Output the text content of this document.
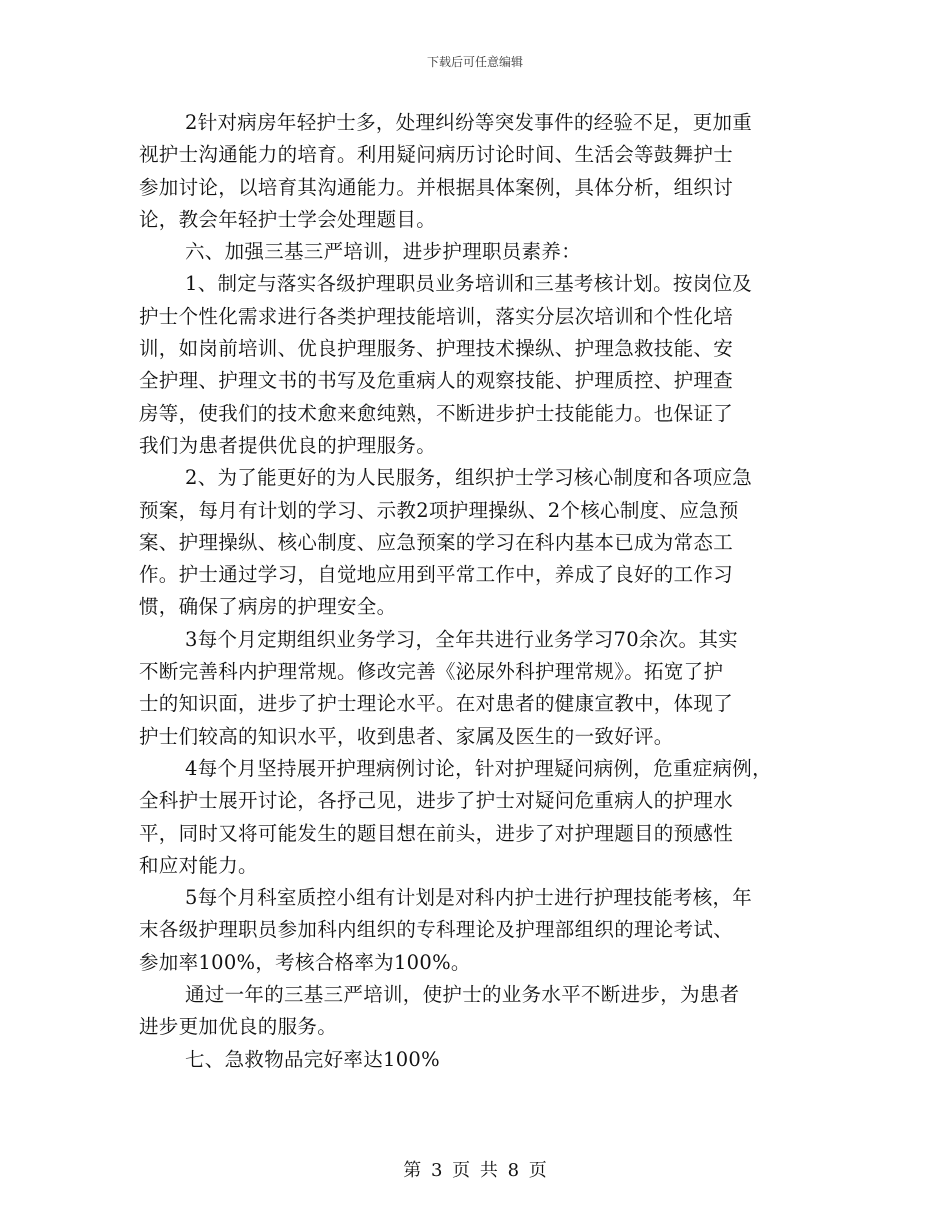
下载后可任意编辑
2针对病房年轻护士多，处理纠纷等突发事件的经验不足，更加重
视护士沟通能力的培育。利用疑问病历讨论时间、生活会等鼓舞护士
参加讨论，以培育其沟通能力。并根据具体案例，具体分析，组织讨
论，教会年轻护士学会处理题目。
六、加强三基三严培训，进步护理职员素养：
1、制定与落实各级护理职员业务培训和三基考核计划。按岗位及
护士个性化需求进行各类护理技能培训，落实分层次培训和个性化培
训，如岗前培训、优良护理服务、护理技术操纵、护理急救技能、安
全护理、护理文书的书写及危重病人的观察技能、护理质控、护理查
房等，使我们的技术愈来愈纯熟，不断进步护士技能能力。也保证了
我们为患者提供优良的护理服务。
2、为了能更好的为人民服务，组织护士学习核心制度和各项应急
预案，每月有计划的学习、示教2项护理操纵、2个核心制度、应急预
案、护理操纵、核心制度、应急预案的学习在科内基本已成为常态工
作。护士通过学习，自觉地应用到平常工作中，养成了良好的工作习
惯，确保了病房的护理安全。
3每个月定期组织业务学习，全年共进行业务学习70余次。其实
不断完善科内护理常规。修改完善《泌尿外科护理常规》。拓宽了护
士的知识面，进步了护士理论水平。在对患者的健康宣教中，体现了
护士们较高的知识水平，收到患者、家属及医生的一致好评。
4每个月坚持展开护理病例讨论，针对护理疑问病例，危重症病例，
全科护士展开讨论，各抒己见，进步了护士对疑问危重病人的护理水
平，同时又将可能发生的题目想在前头，进步了对护理题目的预感性
和应对能力。
5每个月科室质控小组有计划是对科内护士进行护理技能考核，年
末各级护理职员参加科内组织的专科理论及护理部组织的理论考试、
参加率100%，考核合格率为100%。
通过一年的三基三严培训，使护士的业务水平不断进步，为患者
进步更加优良的服务。
七、急救物品完好率达100%
第 3 页 共 8 页
